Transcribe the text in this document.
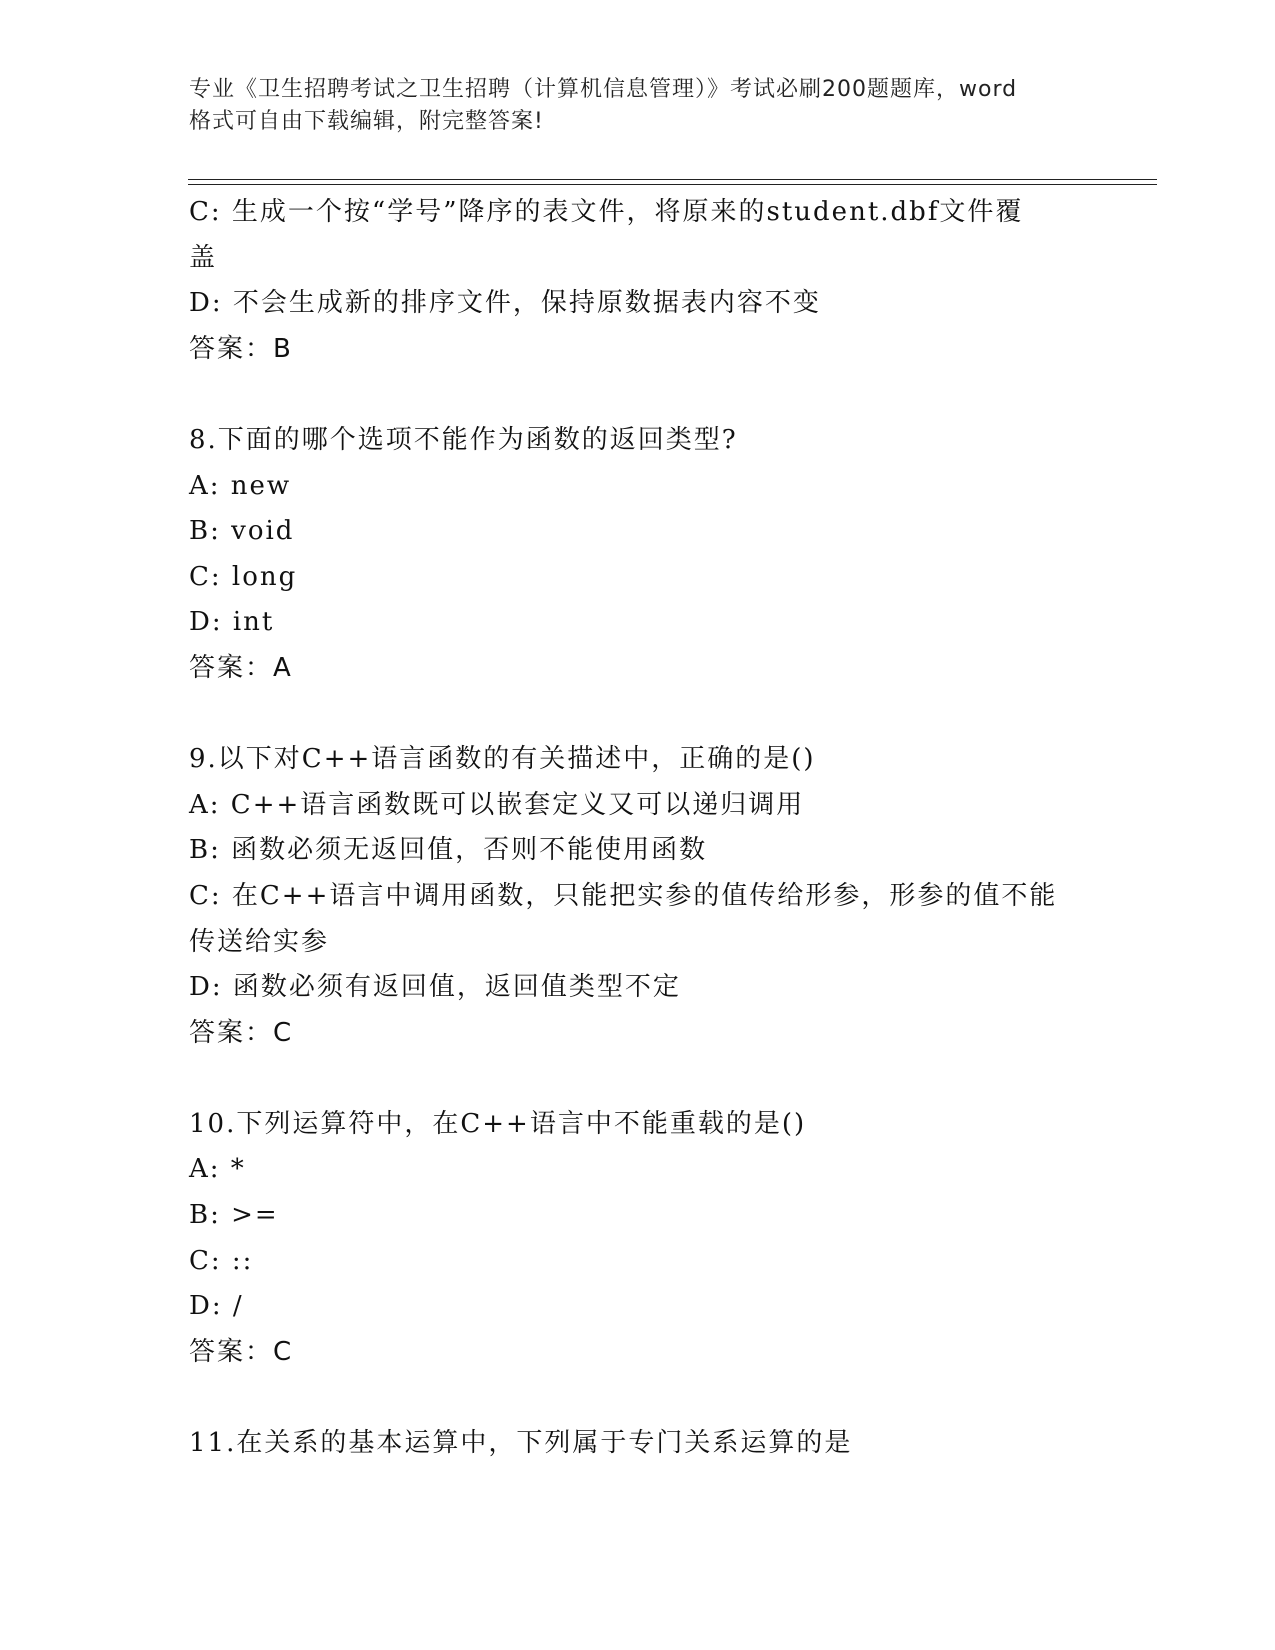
专业《卫生招聘考试之卫生招聘（计算机信息管理）》考试必刷200题题库，word
格式可自由下载编辑，附完整答案!
C: 生成一个按“学号”降序的表文件，将原来的student.dbf文件覆
盖
D: 不会生成新的排序文件，保持原数据表内容不变
答案：B
8.下面的哪个选项不能作为函数的返回类型?
A: new
B: void
C: long
D: int
答案：A
9.以下对C++语言函数的有关描述中，正确的是()
A: C++语言函数既可以嵌套定义又可以递归调用
B: 函数必须无返回值，否则不能使用函数
C: 在C++语言中调用函数，只能把实参的值传给形参，形参的值不能
传送给实参
D: 函数必须有返回值，返回值类型不定
答案：C
10.下列运算符中，在C++语言中不能重载的是()
A: *
B: >=
C: ::
D: /
答案：C
11.在关系的基本运算中，下列属于专门关系运算的是
